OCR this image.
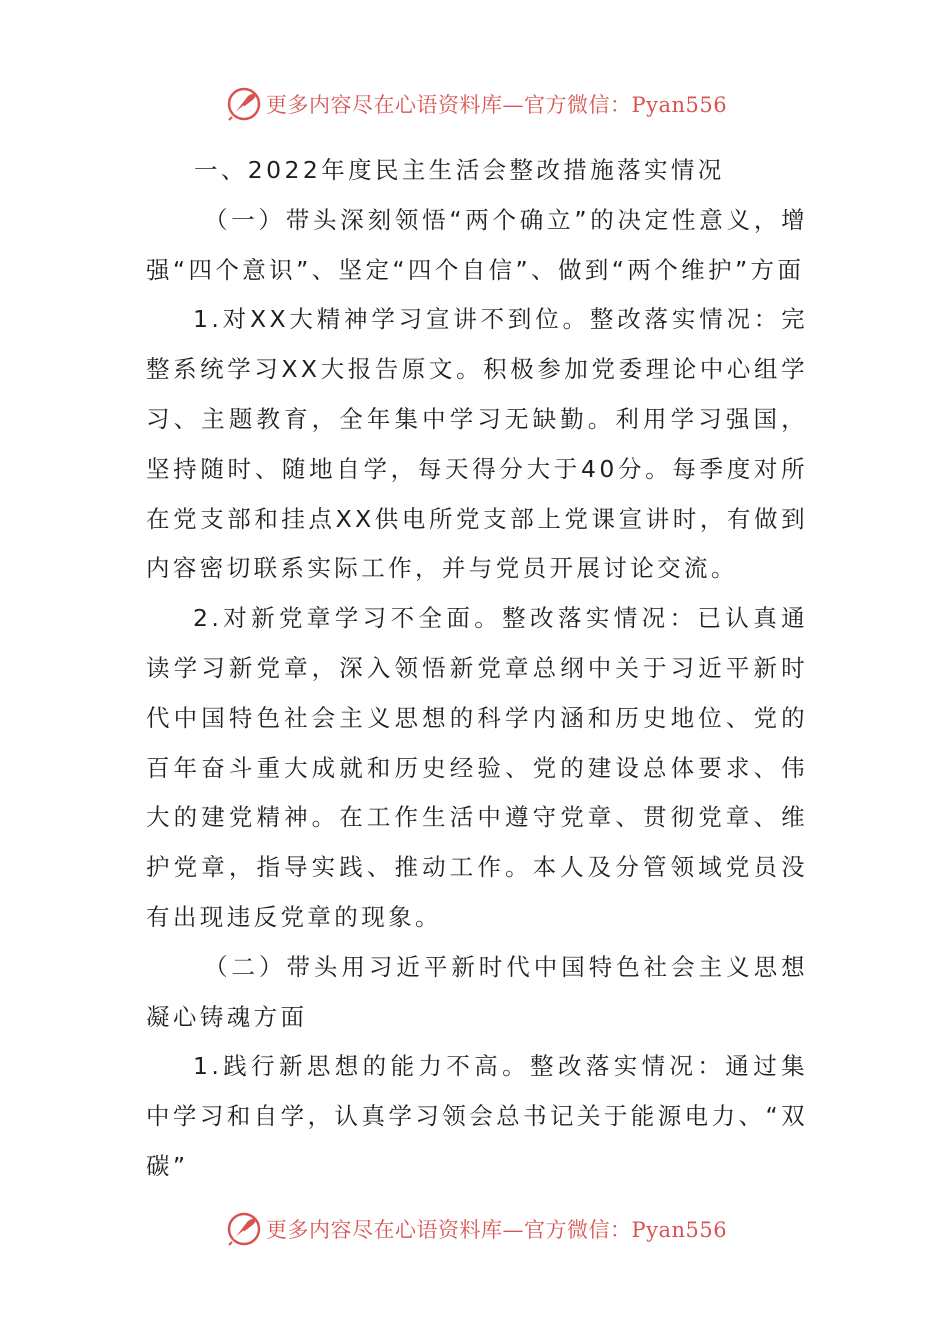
更多内容尽在心语资料库—官方微信：Pyan556

一、2022年度民主生活会整改措施落实情况

（一）带头深刻领悟“两个确立”的决定性意义，增强“四个意识”、坚定“四个自信”、做到“两个维护”方面

1.对XX大精神学习宣讲不到位。整改落实情况：完整系统学习XX大报告原文。积极参加党委理论中心组学习、主题教育，全年集中学习无缺勤。利用学习强国，坚持随时、随地自学，每天得分大于40分。每季度对所在党支部和挂点XX供电所党支部上党课宣讲时，有做到内容密切联系实际工作，并与党员开展讨论交流。

2.对新党章学习不全面。整改落实情况：已认真通读学习新党章，深入领悟新党章总纲中关于习近平新时代中国特色社会主义思想的科学内涵和历史地位、党的百年奋斗重大成就和历史经验、党的建设总体要求、伟大的建党精神。在工作生活中遵守党章、贯彻党章、维护党章，指导实践、推动工作。本人及分管领域党员没有出现违反党章的现象。

（二）带头用习近平新时代中国特色社会主义思想凝心铸魂方面

1.践行新思想的能力不高。整改落实情况：通过集中学习和自学，认真学习领会总书记关于能源电力、“双碳”

更多内容尽在心语资料库—官方微信：Pyan556
